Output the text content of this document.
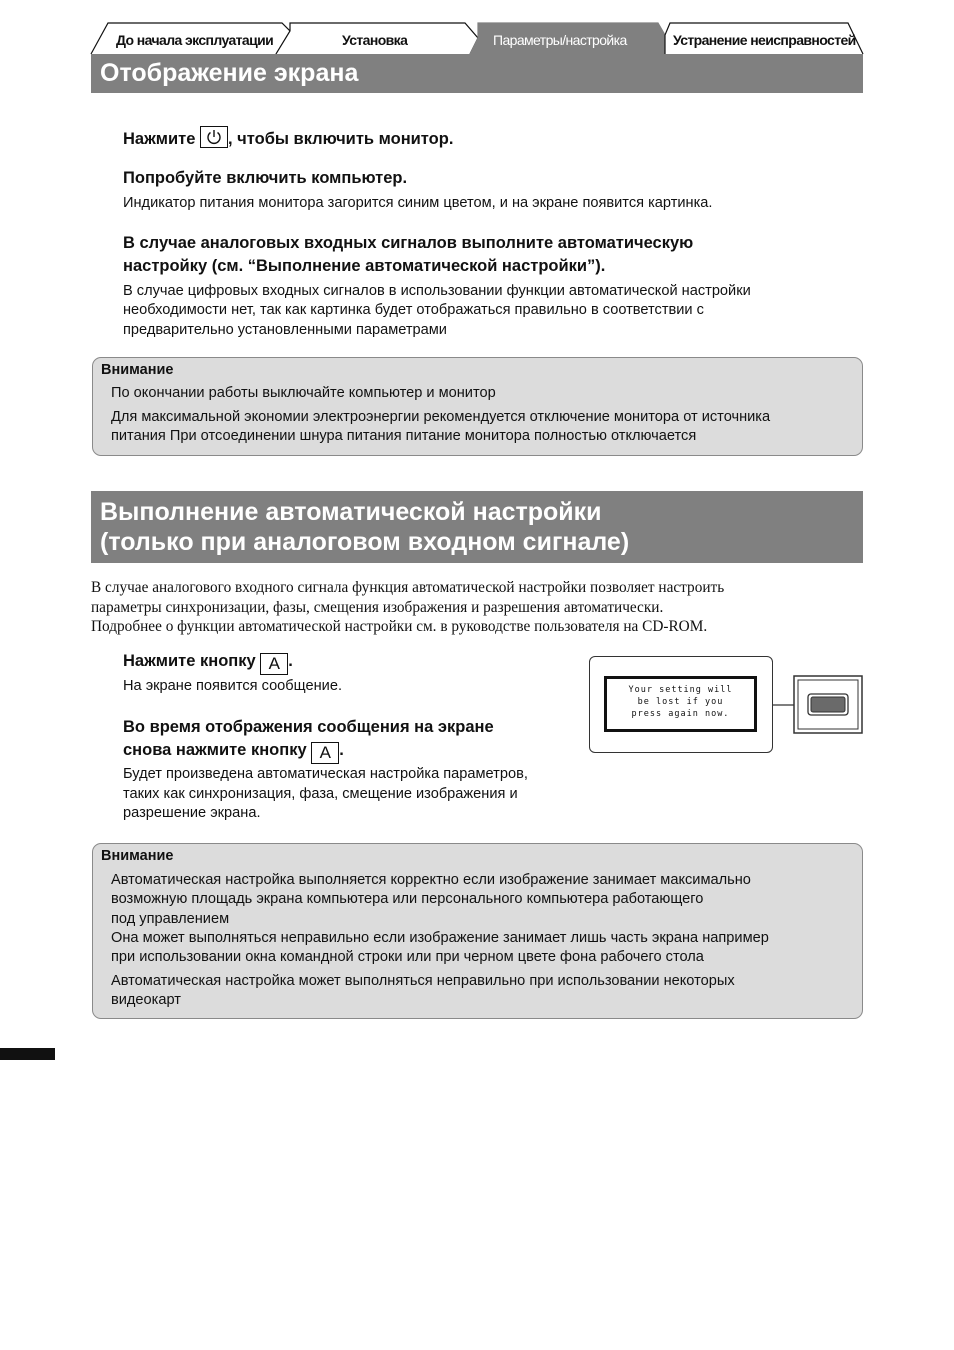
До начала эксплуатации	Установка	Параметры/настройка	Устранение неисправностей
Отображение экрана
Нажмите , чтобы включить монитор.
Попробуйте включить компьютер.
Индикатор питания монитора загорится синим цветом, и на экране появится картинка.
В случае аналоговых входных сигналов выполните автоматическую
настройку (см. “Выполнение автоматической настройки”).
В случае цифровых входных сигналов в использовании функции автоматической настройки
необходимости нет, так как картинка будет отображаться правильно в соответствии с
предварительно установленными параметрами
Внимание
По окончании работы выключайте компьютер и монитор
Для максимальной экономии электроэнергии рекомендуется отключение монитора от источника
питания При отсоединении шнура питания питание монитора полностью отключается
Выполнение автоматической настройки
(только при аналоговом входном сигнале)
В случае аналогового входного сигнала функция автоматической настройки позволяет настроить
параметры синхронизации, фазы, смещения изображения и разрешения автоматически.
Подробнее о функции автоматической настройки см. в руководстве пользователя на CD-ROM.
Нажмите кнопку A .
На экране появится сообщение.
Во время отображения сообщения на экране
снова нажмите кнопку A .
Будет произведена автоматическая настройка параметров,
таких как синхронизация, фаза, смещение изображения и
разрешение экрана.
Your setting will
be lost if you
press again now.
Внимание
Автоматическая настройка выполняется корректно если изображение занимает максимально
возможную площадь экрана компьютера или персонального компьютера работающего
под управлением
Она может выполняться неправильно если изображение занимает лишь часть экрана например
при использовании окна командной строки или при черном цвете фона рабочего стола
Автоматическая настройка может выполняться неправильно при использовании некоторых
видеокарт
